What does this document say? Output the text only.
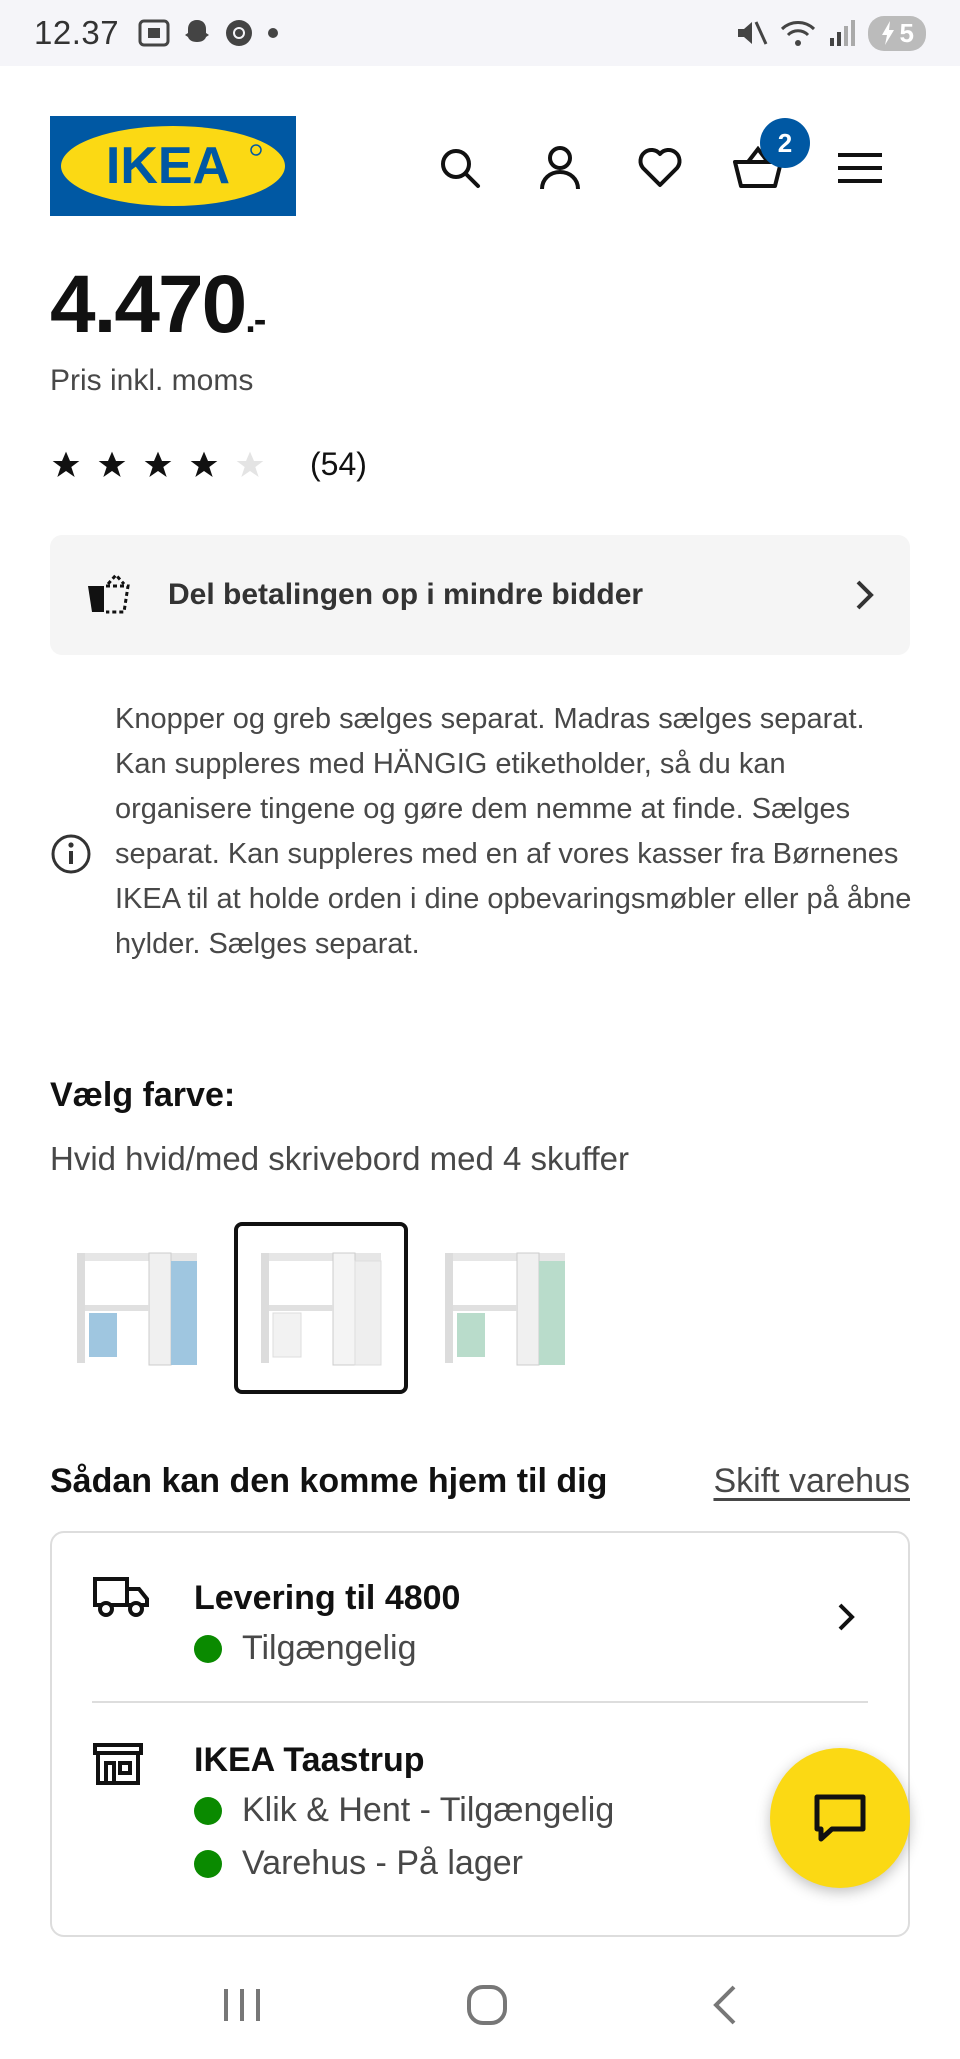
12.37	5
IKEA	2
4.470.-
Pris inkl. moms
(54)
Del betalingen op i mindre bidder
Knopper og greb sælges separat. Madras sælges separat. Kan suppleres med HÄNGIG etiketholder, så du kan organisere tingene og gøre dem nemme at finde. Sælges separat. Kan suppleres med en af vores kasser fra Børnenes IKEA til at holde orden i dine opbevaringsmøbler eller på åbne hylder. Sælges separat.
Vælg farve:
Hvid hvid/med skrivebord med 4 skuffer
Sådan kan den komme hjem til dig	Skift varehus
Levering til 4800
Tilgængelig
IKEA Taastrup
Klik & Hent - Tilgængelig
Varehus - På lager
